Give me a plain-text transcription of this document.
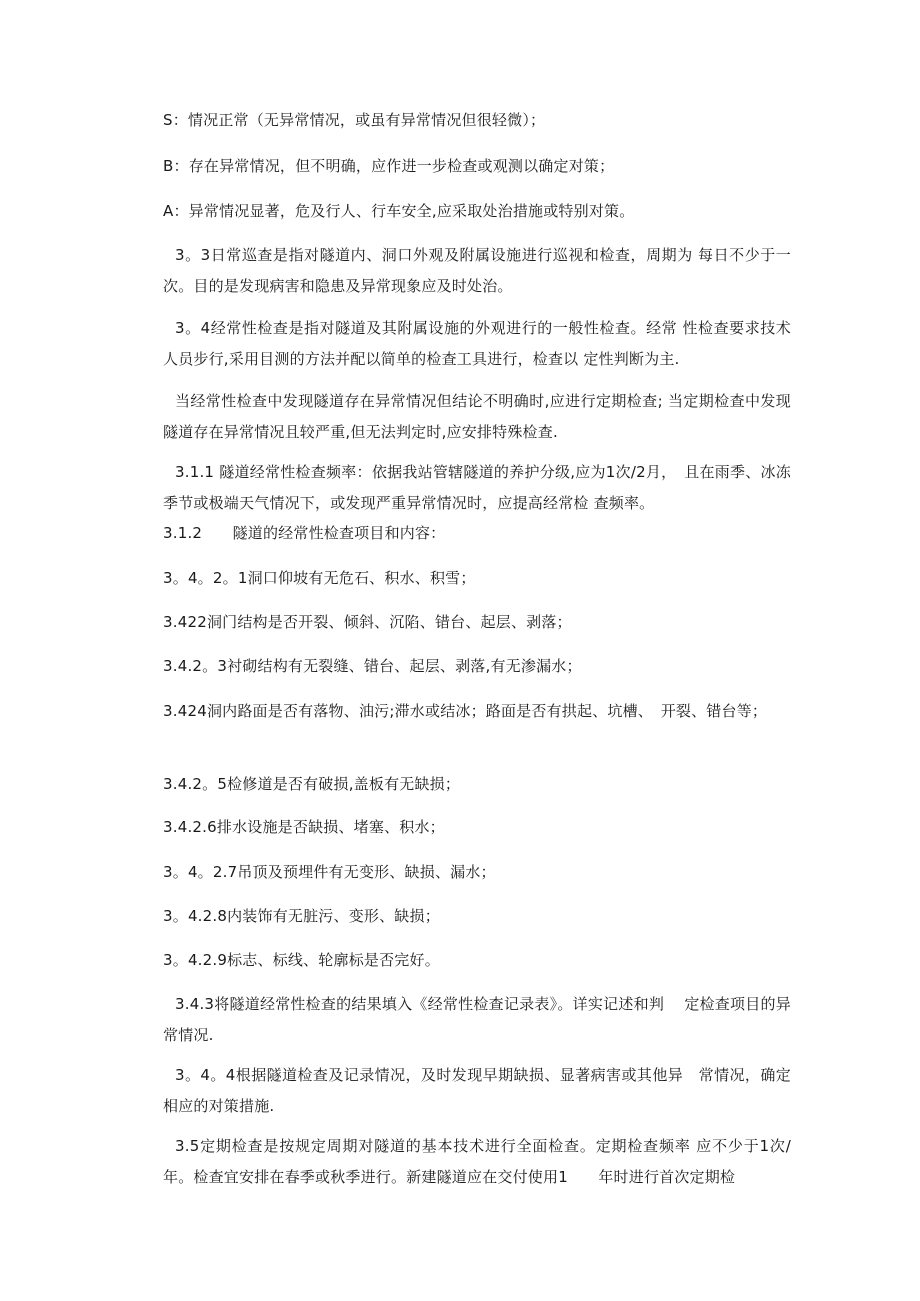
S：情况正常（无异常情况，或虽有异常情况但很轻微）；

B：存在异常情况，但不明确，应作进一步检查或观测以确定对策；

A：异常情况显著，危及行人、行车安全,应采取处治措施或特别对策。

3。3日常巡查是指对隧道内、洞口外观及附属设施进行巡视和检查，周期为 每日不少于一次。目的是发现病害和隐患及异常现象应及时处治。

3。4经常性检查是指对隧道及其附属设施的外观进行的一般性检查。经常 性检查要求技术人员步行,采用目测的方法并配以简单的检查工具进行，检查以 定性判断为主.

当经常性检查中发现隧道存在异常情况但结论不明确时,应进行定期检查; 当定期检查中发现隧道存在异常情况且较严重,但无法判定时,应安排特殊检查.

3.1.1 隧道经常性检查频率：依据我站管辖隧道的养护分级,应为1次/2月，　且在雨季、冰冻季节或极端天气情况下，或发现严重异常情况时，应提高经常检 查频率。

3.1.2　　隧道的经常性检查项目和内容：

3。4。2。1洞口仰坡有无危石、积水、积雪；

3.422洞门结构是否开裂、倾斜、沉陷、错台、起层、剥落；

3.4.2。3衬砌结构有无裂缝、错台、起层、剥落,有无渗漏水；

3.424洞内路面是否有落物、油污;滞水或结冰；路面是否有拱起、坑槽、　开裂、错台等；

3.4.2。5检修道是否有破损,盖板有无缺损；

3.4.2.6排水设施是否缺损、堵塞、积水；

3。4。2.7吊顶及预埋件有无变形、缺损、漏水；

3。4.2.8内装饰有无脏污、变形、缺损；

3。4.2.9标志、标线、轮廓标是否完好。

3.4.3将隧道经常性检查的结果填入《经常性检查记录表》。详实记述和判　 定检查项目的异常情况.

3。4。4根据隧道检查及记录情况，及时发现早期缺损、显著病害或其他异　常情况，确定相应的对策措施.

3.5定期检查是按规定周期对隧道的基本技术进行全面检查。定期检查频率 应不少于1次/年。检查宜安排在春季或秋季进行。新建隧道应在交付使用1　　年时进行首次定期检
